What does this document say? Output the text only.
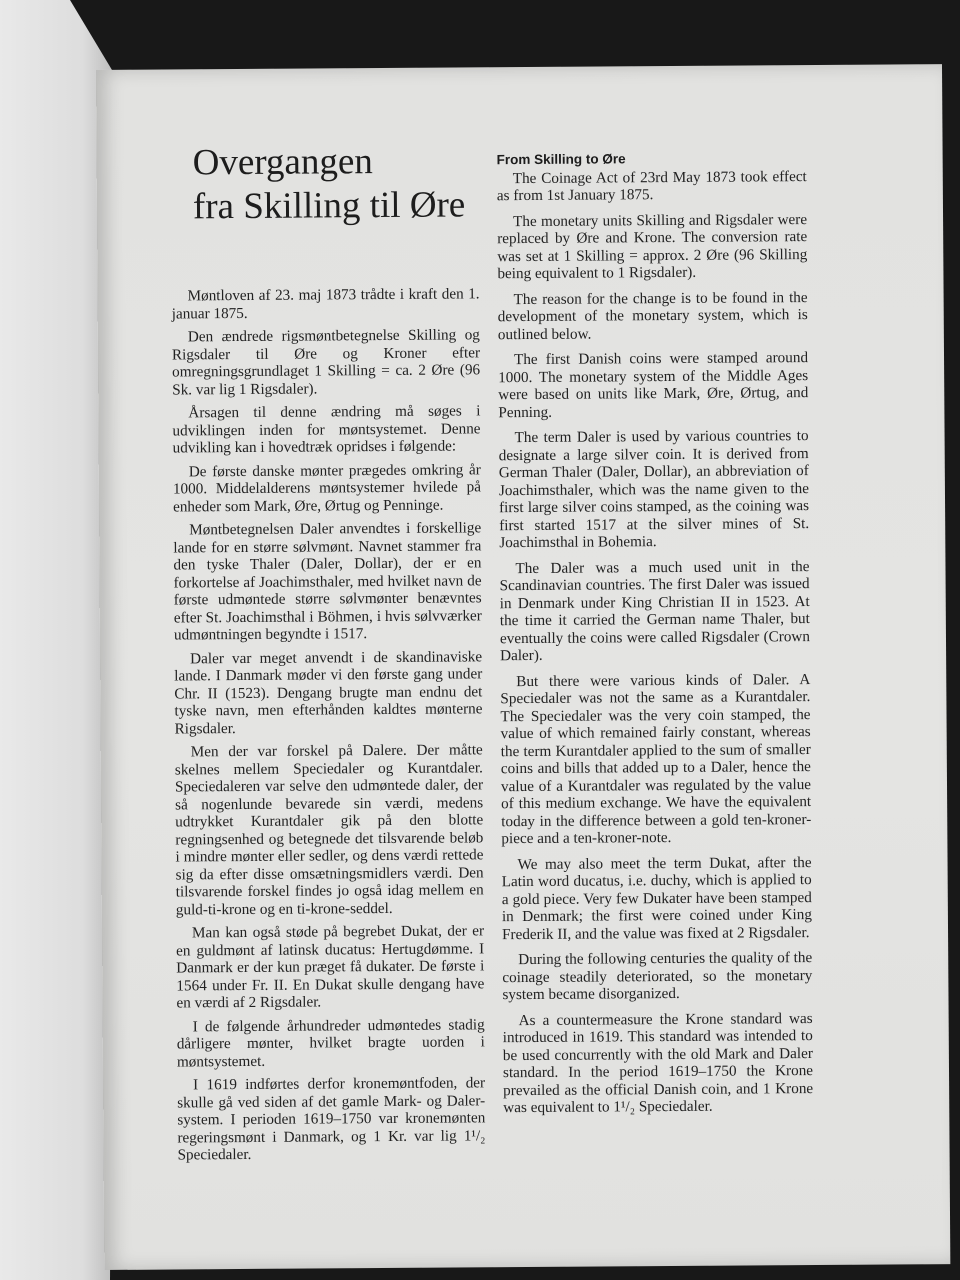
Overgangen
fra Skilling til Øre

Møntloven af 23. maj 1873 trådte i kraft den 1. januar 1875.

Den ændrede rigsmøntbetegnelse Skilling og Rigsdaler til Øre og Kroner efter omregningsgrundlaget 1 Skilling = ca. 2 Øre (96 Sk. var lig 1 Rigsdaler).

Årsagen til denne ændring må søges i udviklingen inden for møntsystemet. Denne udvikling kan i hovedtræk opridses i følgende:

De første danske mønter prægedes omkring år 1000. Middelalderens møntsystemer hvilede på enheder som Mark, Øre, Ørtug og Penninge.

Møntbetegnelsen Daler anvendtes i forskellige lande for en større sølvmønt. Navnet stammer fra den tyske Thaler (Daler, Dollar), der er en forkortelse af Joachimsthaler, med hvilket navn de første udmøntede større sølvmønter benævntes efter St. Joachimsthal i Böhmen, i hvis sølvværker udmøntningen begyndte i 1517.

Daler var meget anvendt i de skandinaviske lande. I Danmark møder vi den første gang under Chr. II (1523). Dengang brugte man endnu det tyske navn, men efterhånden kaldtes mønterne Rigsdaler.

Men der var forskel på Dalere. Der måtte skelnes mellem Speciedaler og Kurantdaler. Speciedaleren var selve den udmøntede daler, der så nogenlunde bevarede sin værdi, medens udtrykket Kurantdaler gik på den blotte regningsenhed og betegnede det tilsvarende beløb i mindre mønter eller sedler, og dens værdi rettede sig da efter disse omsætningsmidlers værdi. Den tilsvarende forskel findes jo også idag mellem en guld-ti-krone og en ti-krone-seddel.

Man kan også støde på begrebet Dukat, der er en guldmønt af latinsk ducatus: Hertugdømme. I Danmark er der kun præget få dukater. De første i 1564 under Fr. II. En Dukat skulle dengang have en værdi af 2 Rigsdaler.

I de følgende århundreder udmøntedes stadig dårligere mønter, hvilket bragte uorden i møntsystemet.

I 1619 indførtes derfor kronemøntfoden, der skulle gå ved siden af det gamle Mark- og Daler-system. I perioden 1619–1750 var kronemønten regeringsmønt i Danmark, og 1 Kr. var lig 1¹/₂ Speciedaler.

From Skilling to Øre

The Coinage Act of 23rd May 1873 took effect as from 1st January 1875.

The monetary units Skilling and Rigsdaler were replaced by Øre and Krone. The conversion rate was set at 1 Skilling = approx. 2 Øre (96 Skilling being equivalent to 1 Rigsdaler).

The reason for the change is to be found in the development of the monetary system, which is outlined below.

The first Danish coins were stamped around 1000. The monetary system of the Middle Ages were based on units like Mark, Øre, Ørtug, and Penning.

The term Daler is used by various countries to designate a large silver coin. It is derived from German Thaler (Daler, Dollar), an abbreviation of Joachimsthaler, which was the name given to the first large silver coins stamped, as the coining was first started 1517 at the silver mines of St. Joachimsthal in Bohemia.

The Daler was a much used unit in the Scandinavian countries. The first Daler was issued in Denmark under King Christian II in 1523. At the time it carried the German name Thaler, but eventually the coins were called Rigsdaler (Crown Daler).

But there were various kinds of Daler. A Speciedaler was not the same as a Kurantdaler. The Speciedaler was the very coin stamped, the value of which remained fairly constant, whereas the term Kurantdaler applied to the sum of smaller coins and bills that added up to a Daler, hence the value of a Kurantdaler was regulated by the value of this medium exchange. We have the equivalent today in the difference between a gold ten-kroner-piece and a ten-kroner-note.

We may also meet the term Dukat, after the Latin word ducatus, i.e. duchy, which is applied to a gold piece. Very few Dukater have been stamped in Denmark; the first were coined under King Frederik II, and the value was fixed at 2 Rigsdaler.

During the following centuries the quality of the coinage steadily deteriorated, so the monetary system became disorganized.

As a countermeasure the Krone standard was introduced in 1619. This standard was intended to be used concurrently with the old Mark and Daler standard. In the period 1619–1750 the Krone prevailed as the official Danish coin, and 1 Krone was equivalent to 1¹/₂ Speciedaler.
